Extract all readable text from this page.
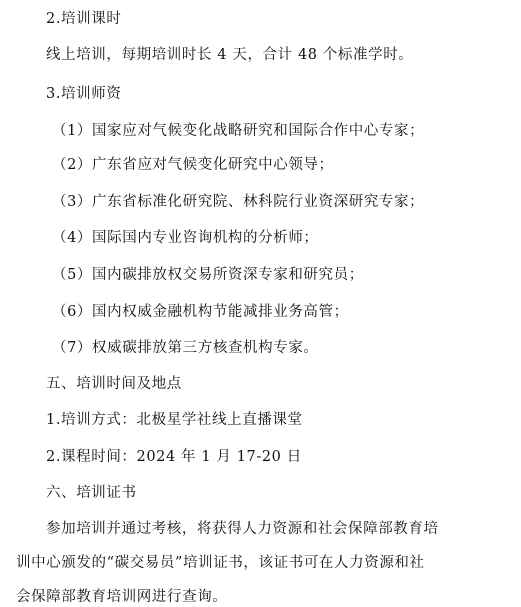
2.培训课时
线上培训，每期培训时长 4 天，合计 48 个标准学时。
3.培训师资
（1）国家应对气候变化战略研究和国际合作中心专家；
（2）广东省应对气候变化研究中心领导；
（3）广东省标准化研究院、林科院行业资深研究专家；
（4）国际国内专业咨询机构的分析师；
（5）国内碳排放权交易所资深专家和研究员；
（6）国内权威金融机构节能减排业务高管；
（7）权威碳排放第三方核查机构专家。
五、培训时间及地点
1.培训方式：北极星学社线上直播课堂
2.课程时间：2024 年 1 月 17-20 日
六、培训证书
参加培训并通过考核，将获得人力资源和社会保障部教育培
训中心颁发的“碳交易员”培训证书，该证书可在人力资源和社
会保障部教育培训网进行查询。
